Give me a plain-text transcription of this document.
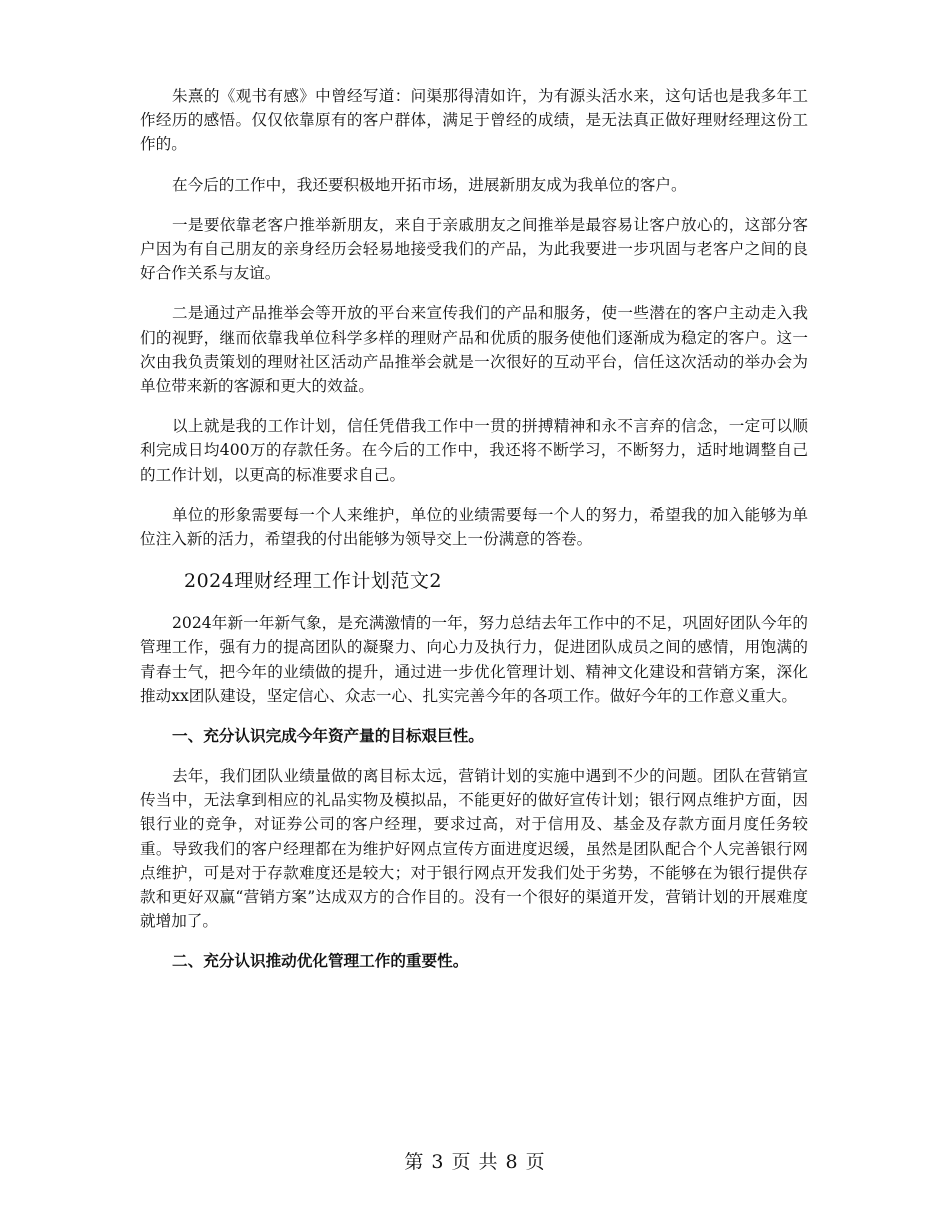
朱熹的《观书有感》中曾经写道：问渠那得清如许，为有源头活水来，这句话也是我多年工作经历的感悟。仅仅依靠原有的客户群体，满足于曾经的成绩，是无法真正做好理财经理这份工作的。

在今后的工作中，我还要积极地开拓市场，进展新朋友成为我单位的客户。

一是要依靠老客户推举新朋友，来自于亲戚朋友之间推举是最容易让客户放心的，这部分客户因为有自己朋友的亲身经历会轻易地接受我们的产品，为此我要进一步巩固与老客户之间的良好合作关系与友谊。

二是通过产品推举会等开放的平台来宣传我们的产品和服务，使一些潜在的客户主动走入我们的视野，继而依靠我单位科学多样的理财产品和优质的服务使他们逐渐成为稳定的客户。这一次由我负责策划的理财社区活动产品推举会就是一次很好的互动平台，信任这次活动的举办会为单位带来新的客源和更大的效益。

以上就是我的工作计划，信任凭借我工作中一贯的拼搏精神和永不言弃的信念，一定可以顺利完成日均400万的存款任务。在今后的工作中，我还将不断学习，不断努力，适时地调整自己的工作计划，以更高的标准要求自己。

单位的形象需要每一个人来维护，单位的业绩需要每一个人的努力，希望我的加入能够为单位注入新的活力，希望我的付出能够为领导交上一份满意的答卷。

2024理财经理工作计划范文2

2024年新一年新气象，是充满激情的一年，努力总结去年工作中的不足，巩固好团队今年的管理工作，强有力的提高团队的凝聚力、向心力及执行力，促进团队成员之间的感情，用饱满的青春士气，把今年的业绩做的提升，通过进一步优化管理计划、精神文化建设和营销方案，深化推动xx团队建设，坚定信心、众志一心、扎实完善今年的各项工作。做好今年的工作意义重大。

一、充分认识完成今年资产量的目标艰巨性。

去年，我们团队业绩量做的离目标太远，营销计划的实施中遇到不少的问题。团队在营销宣传当中，无法拿到相应的礼品实物及模拟品，不能更好的做好宣传计划；银行网点维护方面，因银行业的竞争，对证券公司的客户经理，要求过高，对于信用及、基金及存款方面月度任务较重。导致我们的客户经理都在为维护好网点宣传方面进度迟缓，虽然是团队配合个人完善银行网点维护，可是对于存款难度还是较大；对于银行网点开发我们处于劣势，不能够在为银行提供存款和更好双赢“营销方案”达成双方的合作目的。没有一个很好的渠道开发，营销计划的开展难度就增加了。

二、充分认识推动优化管理工作的重要性。

第 3 页 共 8 页
